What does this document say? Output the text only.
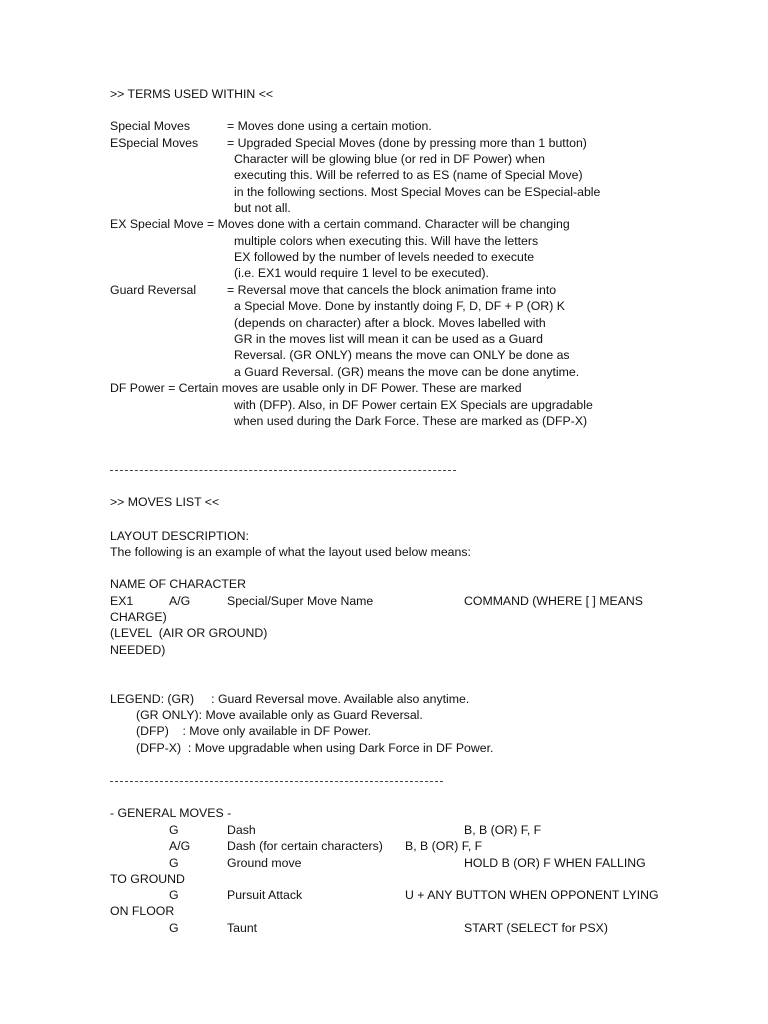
>> TERMS USED WITHIN <<
Special Moves	= Moves done using a certain motion.
ESpecial Moves = Upgraded Special Moves (done by pressing more than 1 button)
Character will be glowing blue (or red in DF Power) when
executing this. Will be referred to as ES (name of Special Move)
in the following sections. Most Special Moves can be ESpecial-able
but not all.
EX Special Move = Moves done with a certain command. Character will be changing
multiple colors when executing this. Will have the letters
EX followed by the number of levels needed to execute
(i.e. EX1 would require 1 level to be executed).
Guard Reversal	= Reversal move that cancels the block animation frame into
a Special Move. Done by instantly doing F, D, DF + P (OR) K
(depends on character) after a block. Moves labelled with
GR in the moves list will mean it can be used as a Guard
Reversal. (GR ONLY) means the move can ONLY be done as
a Guard Reversal. (GR) means the move can be done anytime.
DF Power = Certain moves are usable only in DF Power. These are marked
with (DFP). Also, in DF Power certain EX Specials are upgradable
when used during the Dark Force. These are marked as (DFP-X)
>> MOVES LIST <<
LAYOUT DESCRIPTION:
The following is an example of what the layout used below means:
NAME OF CHARACTER
EX1	A/G	Special/Super Move Name	COMMAND (WHERE [ ] MEANS
CHARGE)
(LEVEL  (AIR OR GROUND)
NEEDED)
LEGEND: (GR)     : Guard Reversal move. Available also anytime.
(GR ONLY): Move available only as Guard Reversal.
(DFP)    : Move only available in DF Power.
(DFP-X)  : Move upgradable when using Dark Force in DF Power.
- GENERAL MOVES -
G	Dash	B, B (OR) F, F
A/G	Dash (for certain characters) B, B (OR) F, F
G	Ground move	HOLD B (OR) F WHEN FALLING
TO GROUND
G	Pursuit Attack	U + ANY BUTTON WHEN OPPONENT LYING
ON FLOOR
G	Taunt	START (SELECT for PSX)
